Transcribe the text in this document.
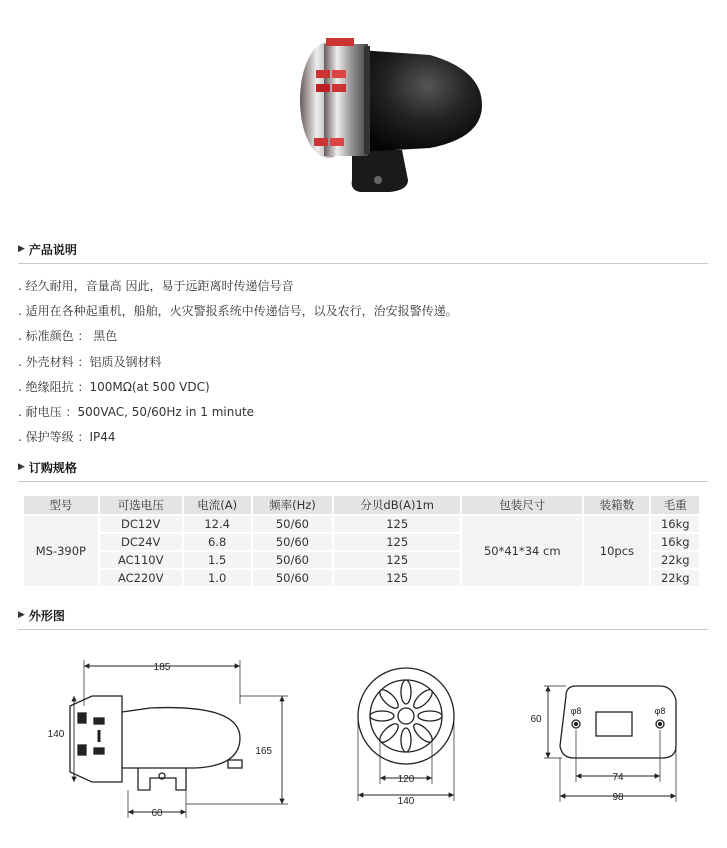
▶ 产品说明
. 经久耐用，音量高 因此，易于远距离时传递信号音
. 适用在各种起重机，船舶，火灾警报系统中传递信号，以及农行，治安报警传递。
. 标准颜色 ： 黑色
. 外壳材料 ：铝质及钢材料
. 绝缘阻抗 ：100MΩ(at 500 VDC)
. 耐电压 ：500VAC, 50/60Hz in 1 minute
. 保护等级 ：IP44
▶ 订购规格
型号	可选电压	电流(A)	频率(Hz)	分贝dB(A)1m	包装尺寸	装箱数	毛重
MS-390P	DC12V	12.4	50/60	125	50*41*34 cm	10pcs	16kg
	DC24V	6.8	50/60	125			16kg
	AC110V	1.5	50/60	125			22kg
	AC220V	1.0	50/60	125			22kg
▶ 外形图
185
140
165
60
120
140
60
φ8	φ8
74
98
